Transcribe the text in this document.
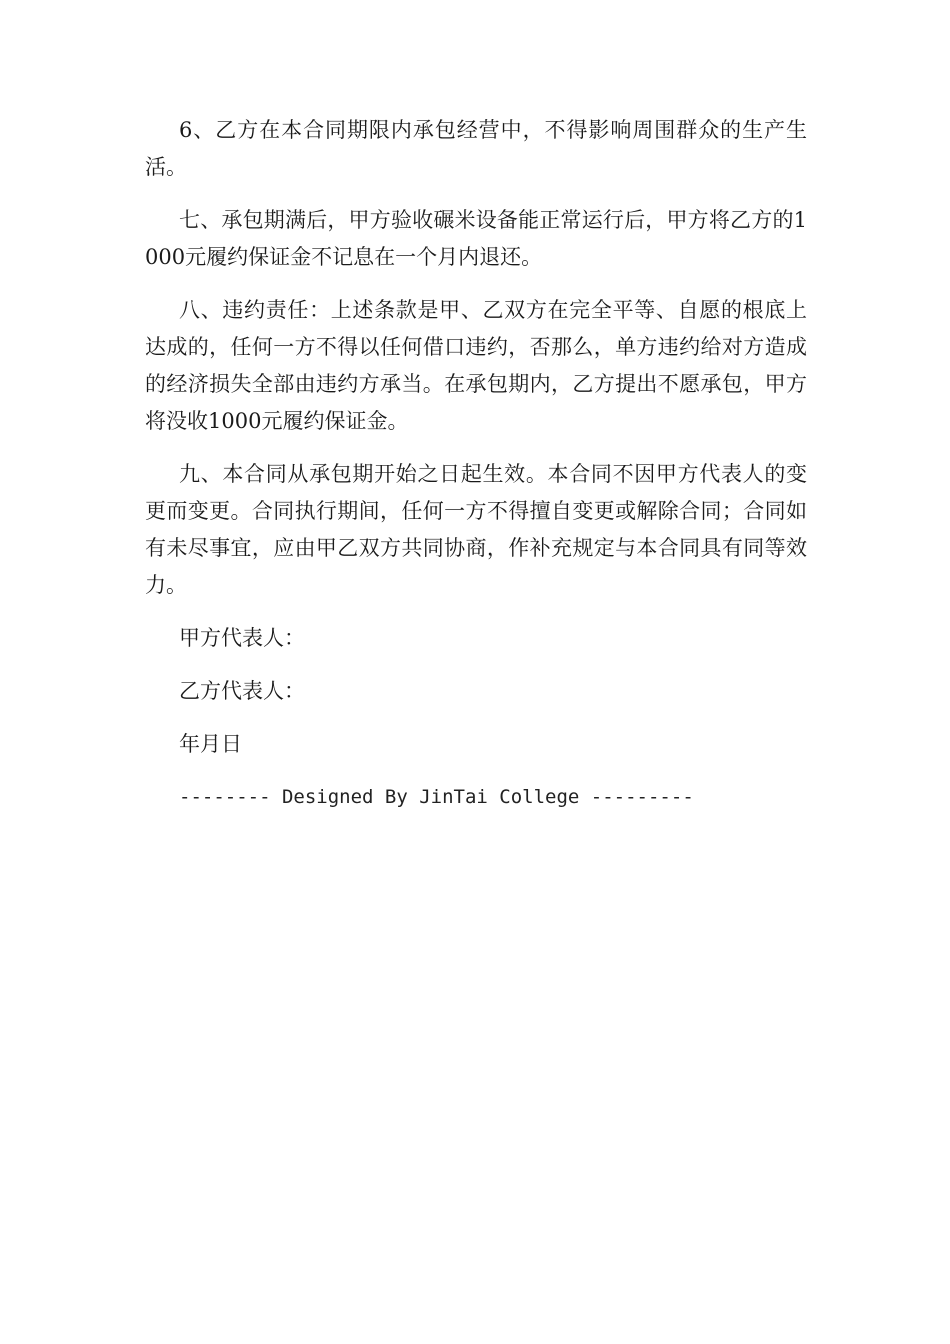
6、乙方在本合同期限内承包经营中，不得影响周围群众的生产生活。

七、承包期满后，甲方验收碾米设备能正常运行后，甲方将乙方的1000元履约保证金不记息在一个月内退还。

八、违约责任：上述条款是甲、乙双方在完全平等、自愿的根底上达成的，任何一方不得以任何借口违约，否那么，单方违约给对方造成的经济损失全部由违约方承当。在承包期内，乙方提出不愿承包，甲方将没收1000元履约保证金。

九、本合同从承包期开始之日起生效。本合同不因甲方代表人的变更而变更。合同执行期间，任何一方不得擅自变更或解除合同；合同如有未尽事宜，应由甲乙双方共同协商，作补充规定与本合同具有同等效力。

甲方代表人：

乙方代表人：

年月日

-------- Designed By JinTai College ---------
